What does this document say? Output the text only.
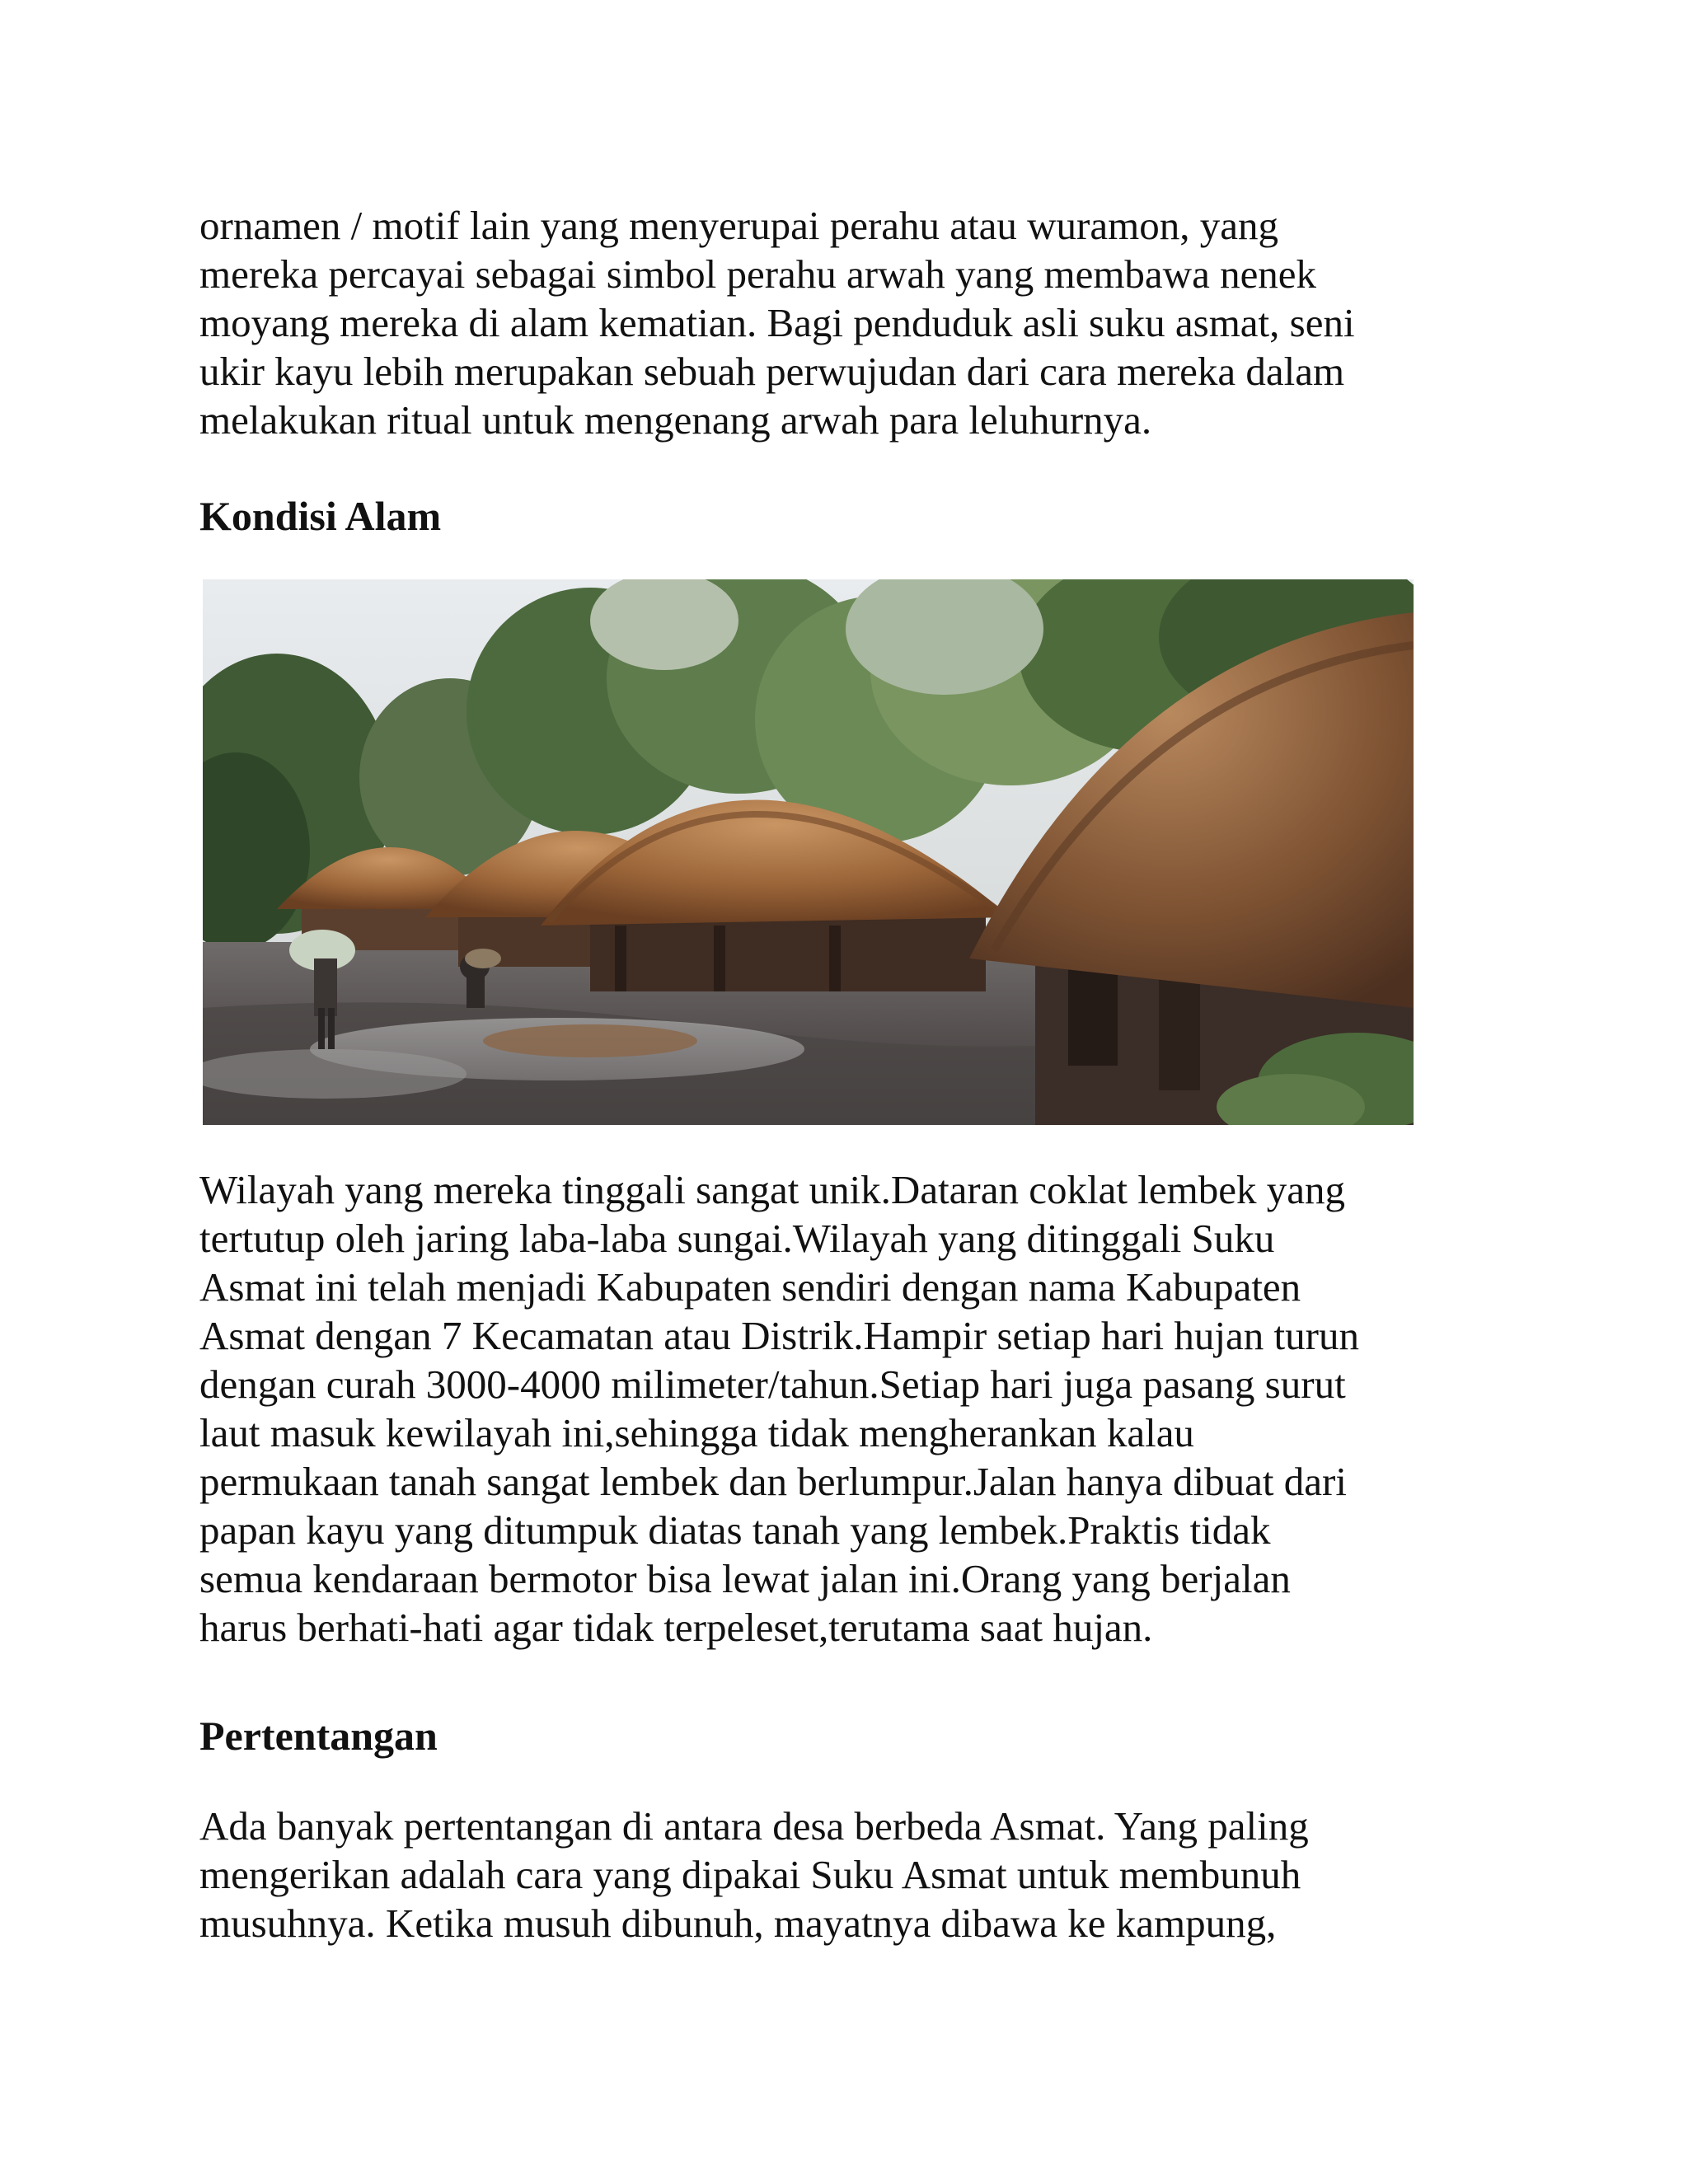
ornamen / motif lain yang menyerupai perahu atau wuramon, yang
mereka percayai sebagai simbol perahu arwah yang membawa nenek
moyang mereka di alam kematian. Bagi penduduk asli suku asmat, seni
ukir kayu lebih merupakan sebuah perwujudan dari cara mereka dalam
melakukan ritual untuk mengenang arwah para leluhurnya.

Kondisi Alam

Wilayah yang mereka tinggali sangat unik.Dataran coklat lembek yang
tertutup oleh jaring laba-laba sungai.Wilayah yang ditinggali Suku
Asmat ini telah menjadi Kabupaten sendiri dengan nama Kabupaten
Asmat dengan 7 Kecamatan atau Distrik.Hampir setiap hari hujan turun
dengan curah 3000-4000 milimeter/tahun.Setiap hari juga pasang surut
laut masuk kewilayah ini,sehingga tidak mengherankan kalau
permukaan tanah sangat lembek dan berlumpur.Jalan hanya dibuat dari
papan kayu yang ditumpuk diatas tanah yang lembek.Praktis tidak
semua kendaraan bermotor bisa lewat jalan ini.Orang yang berjalan
harus berhati-hati agar tidak terpeleset,terutama saat hujan.

Pertentangan

Ada banyak pertentangan di antara desa berbeda Asmat. Yang paling
mengerikan adalah cara yang dipakai Suku Asmat untuk membunuh
musuhnya. Ketika musuh dibunuh, mayatnya dibawa ke kampung,
